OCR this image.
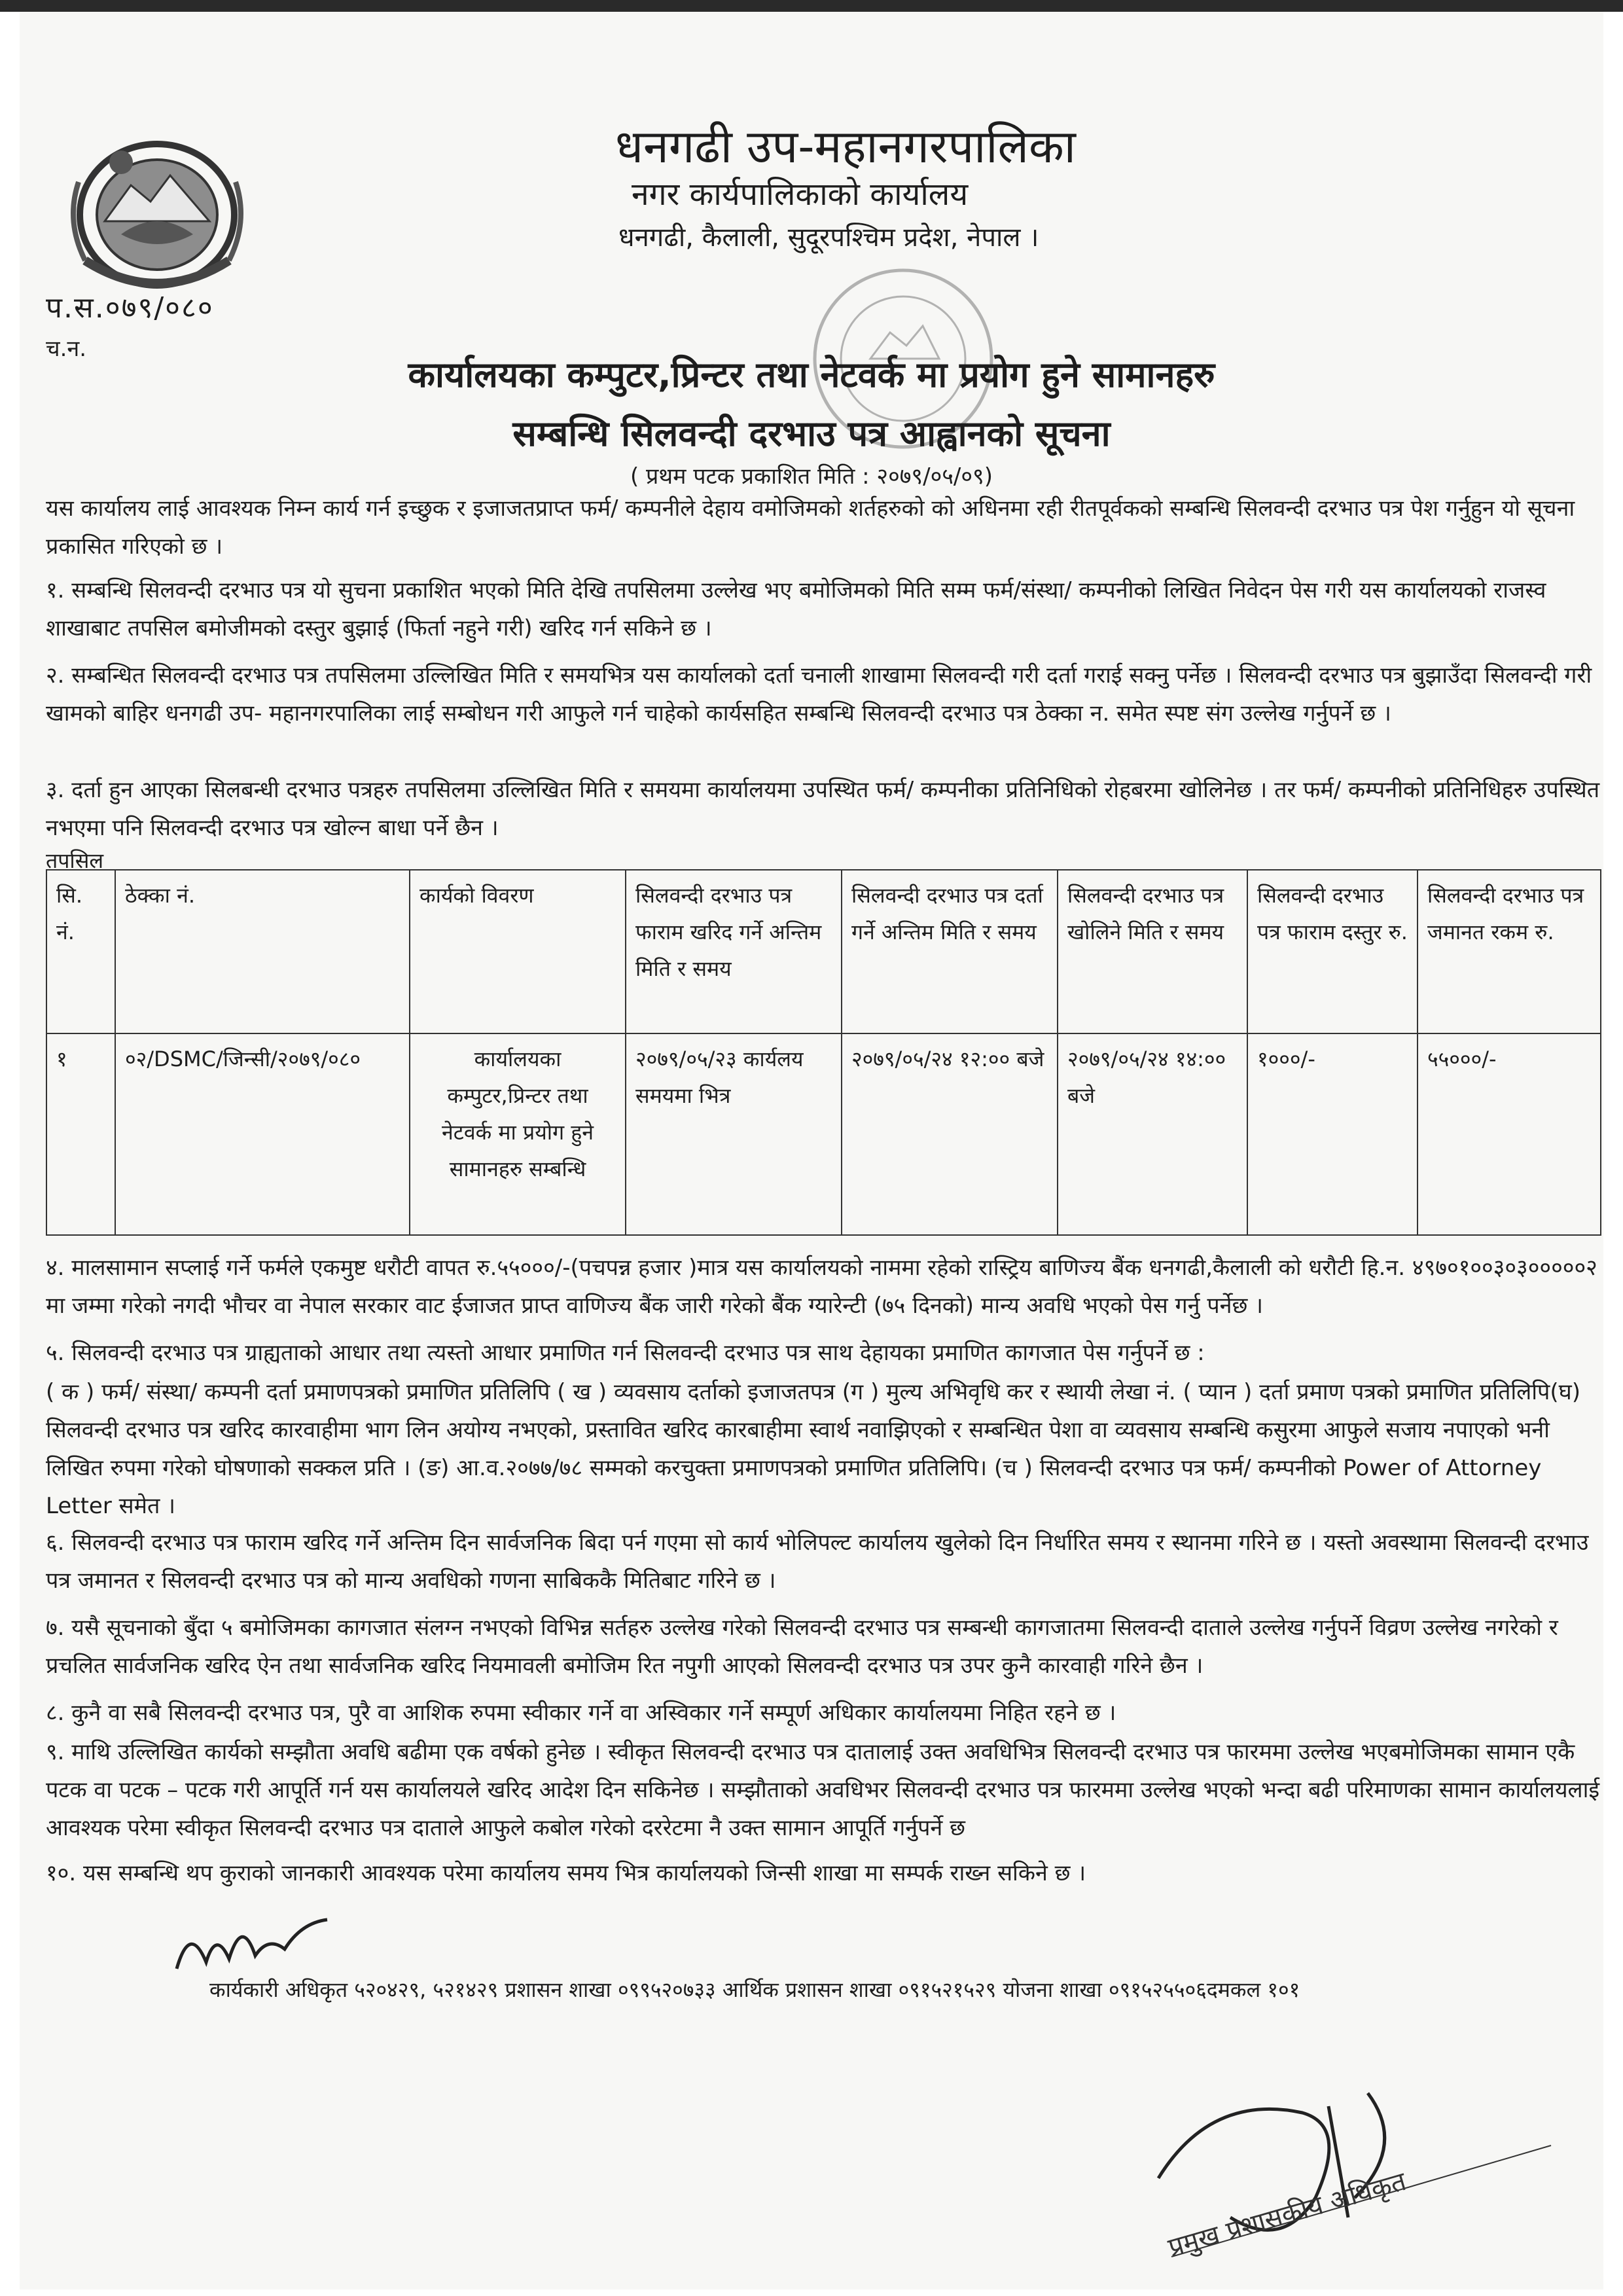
प.स.०७९/०८०
च.न.
धनगढी उप-महानगरपालिका
नगर कार्यपालिकाको कार्यालय
धनगढी, कैलाली, सुदूरपश्चिम प्रदेश, नेपाल ।
कार्यालयका कम्पुटर,प्रिन्टर तथा नेटवर्क मा प्रयोग हुने सामानहरु
सम्बन्धि सिलवन्दी दरभाउ पत्र आह्वानको सूचना
( प्रथम पटक प्रकाशित मिति : २०७९/०५/०९)
यस कार्यालय लाई आवश्यक निम्न कार्य गर्न इच्छुक र इजाजतप्राप्त फर्म/ कम्पनीले देहाय वमोजिमको शर्तहरुको को अधिनमा रही रीतपूर्वकको सम्बन्धि सिलवन्दी दरभाउ पत्र पेश गर्नुहुन यो सूचना प्रकासित गरिएको छ ।
१. सम्बन्धि सिलवन्दी दरभाउ पत्र यो सुचना प्रकाशित भएको मिति देखि तपसिलमा उल्लेख भए बमोजिमको मिति सम्म फर्म/संस्था/ कम्पनीको लिखित निवेदन पेस गरी यस कार्यालयको राजस्व शाखाबाट तपसिल बमोजीमको दस्तुर बुझाई (फिर्ता नहुने गरी) खरिद गर्न सकिने छ ।
२. सम्बन्धित सिलवन्दी दरभाउ पत्र तपसिलमा उल्लिखित मिति र समयभित्र यस कार्यालको दर्ता चनाली शाखामा सिलवन्दी गरी दर्ता गराई सक्नु पर्नेछ । सिलवन्दी दरभाउ पत्र बुझाउँदा सिलवन्दी गरी खामको बाहिर धनगढी उप- महानगरपालिका लाई सम्बोधन गरी आफुले गर्न चाहेको कार्यसहित सम्बन्धि सिलवन्दी दरभाउ पत्र ठेक्का न. समेत स्पष्ट संग उल्लेख गर्नुपर्ने छ ।
३. दर्ता हुन आएका सिलबन्धी दरभाउ पत्रहरु तपसिलमा उल्लिखित मिति र समयमा कार्यालयमा उपस्थित फर्म/ कम्पनीका प्रतिनिधिको रोहबरमा खोलिनेछ । तर फर्म/ कम्पनीको प्रतिनिधिहरु उपस्थित नभएमा पनि सिलवन्दी दरभाउ पत्र खोल्न बाधा पर्ने छैन ।
तपसिल
सि. नं.	ठेक्का नं.	कार्यको विवरण	सिलवन्दी दरभाउ पत्र फाराम खरिद गर्ने अन्तिम मिति र समय	सिलवन्दी दरभाउ पत्र दर्ता गर्ने अन्तिम मिति र समय	सिलवन्दी दरभाउ पत्र खोलिने मिति र समय	सिलवन्दी दरभाउ पत्र फाराम दस्तुर रु.	सिलवन्दी दरभाउ पत्र जमानत रकम रु.
१	०२/DSMC/जिन्सी/२०७९/०८०	कार्यालयका कम्पुटर,प्रिन्टर तथा नेटवर्क मा प्रयोग हुने सामानहरु सम्बन्धि	२०७९/०५/२३ कार्यलय समयमा भित्र	२०७९/०५/२४ १२:०० बजे	२०७९/०५/२४ १४:०० बजे	१०००/-	५५०००/-
४. मालसामान सप्लाई गर्ने फर्मले एकमुष्ट धरौटी वापत रु.५५०००/-(पचपन्न हजार )मात्र यस कार्यालयको नाममा रहेको रास्ट्रिय बाणिज्य बैंक धनगढी,कैलाली को धरौटी हि.न. ४९७०१००३०३०००००२ मा जम्मा गरेको नगदी भौचर वा नेपाल सरकार वाट ईजाजत प्राप्त वाणिज्य बैंक जारी गरेको बैंक ग्यारेन्टी (७५ दिनको) मान्य अवधि भएको पेस गर्नु पर्नेछ ।
५. सिलवन्दी दरभाउ पत्र ग्राह्यताको आधार तथा त्यस्तो आधार प्रमाणित गर्न सिलवन्दी दरभाउ पत्र साथ देहायका प्रमाणित कागजात पेस गर्नुपर्ने छ :
( क ) फर्म/ संस्था/ कम्पनी दर्ता प्रमाणपत्रको प्रमाणित प्रतिलिपि ( ख ) व्यवसाय दर्ताको इजाजतपत्र (ग ) मुल्य अभिवृधि कर र स्थायी लेखा नं. ( प्यान ) दर्ता प्रमाण पत्रको प्रमाणित प्रतिलिपि(घ) सिलवन्दी दरभाउ पत्र खरिद कारवाहीमा भाग लिन अयोग्य नभएको, प्रस्तावित खरिद कारबाहीमा स्वार्थ नवाझिएको र सम्बन्धित पेशा वा व्यवसाय सम्बन्धि कसुरमा आफुले सजाय नपाएको भनी लिखित रुपमा गरेको घोषणाको सक्कल प्रति । (ङ) आ.व.२०७७/७८ सम्मको करचुक्ता प्रमाणपत्रको प्रमाणित प्रतिलिपि। (च ) सिलवन्दी दरभाउ पत्र फर्म/ कम्पनीको Power of Attorney Letter समेत ।
६. सिलवन्दी दरभाउ पत्र फाराम खरिद गर्ने अन्तिम दिन सार्वजनिक बिदा पर्न गएमा सो कार्य भोलिपल्ट कार्यालय खुलेको दिन निर्धारित समय र स्थानमा गरिने छ । यस्तो अवस्थामा सिलवन्दी दरभाउ पत्र जमानत र सिलवन्दी दरभाउ पत्र को मान्य अवधिको गणना साबिककै मितिबाट गरिने छ ।
७. यसै सूचनाको बुँदा ५ बमोजिमका कागजात संलग्न नभएको विभिन्न सर्तहरु उल्लेख गरेको सिलवन्दी दरभाउ पत्र सम्बन्धी कागजातमा सिलवन्दी दाताले उल्लेख गर्नुपर्ने विव्रण उल्लेख नगरेको र प्रचलित सार्वजनिक खरिद ऐन तथा सार्वजनिक खरिद नियमावली बमोजिम रित नपुगी आएको सिलवन्दी दरभाउ पत्र उपर कुनै कारवाही गरिने छैन ।
८. कुनै वा सबै सिलवन्दी दरभाउ पत्र, पुरै वा आशिक रुपमा स्वीकार गर्ने वा अस्विकार गर्ने सम्पूर्ण अधिकार कार्यालयमा निहित रहने छ ।
९. माथि उल्लिखित कार्यको सम्झौता अवधि बढीमा एक वर्षको हुनेछ । स्वीकृत सिलवन्दी दरभाउ पत्र दातालाई उक्त अवधिभित्र सिलवन्दी दरभाउ पत्र फारममा उल्लेख भएबमोजिमका सामान एकै पटक वा पटक – पटक गरी आपूर्ति गर्न यस कार्यालयले खरिद आदेश दिन सकिनेछ । सम्झौताको अवधिभर सिलवन्दी दरभाउ पत्र फारममा उल्लेख भएको भन्दा बढी परिमाणका सामान कार्यालयलाई आवश्यक परेमा स्वीकृत सिलवन्दी दरभाउ पत्र दाताले आफुले कबोल गरेको दररेटमा नै उक्त सामान आपूर्ति गर्नुपर्ने छ
१०. यस सम्बन्धि थप कुराको जानकारी आवश्यक परेमा कार्यालय समय भित्र कार्यालयको जिन्सी शाखा मा सम्पर्क राख्न सकिने छ ।
कार्यकारी अधिकृत ५२०४२९, ५२१४२९ प्रशासन शाखा ०९९५२०७३३ आर्थिक प्रशासन शाखा ०९१५२१५२९ योजना शाखा ०९१५२५५०६दमकल १०१
प्रमुख प्रशासकीय अधिकृत
